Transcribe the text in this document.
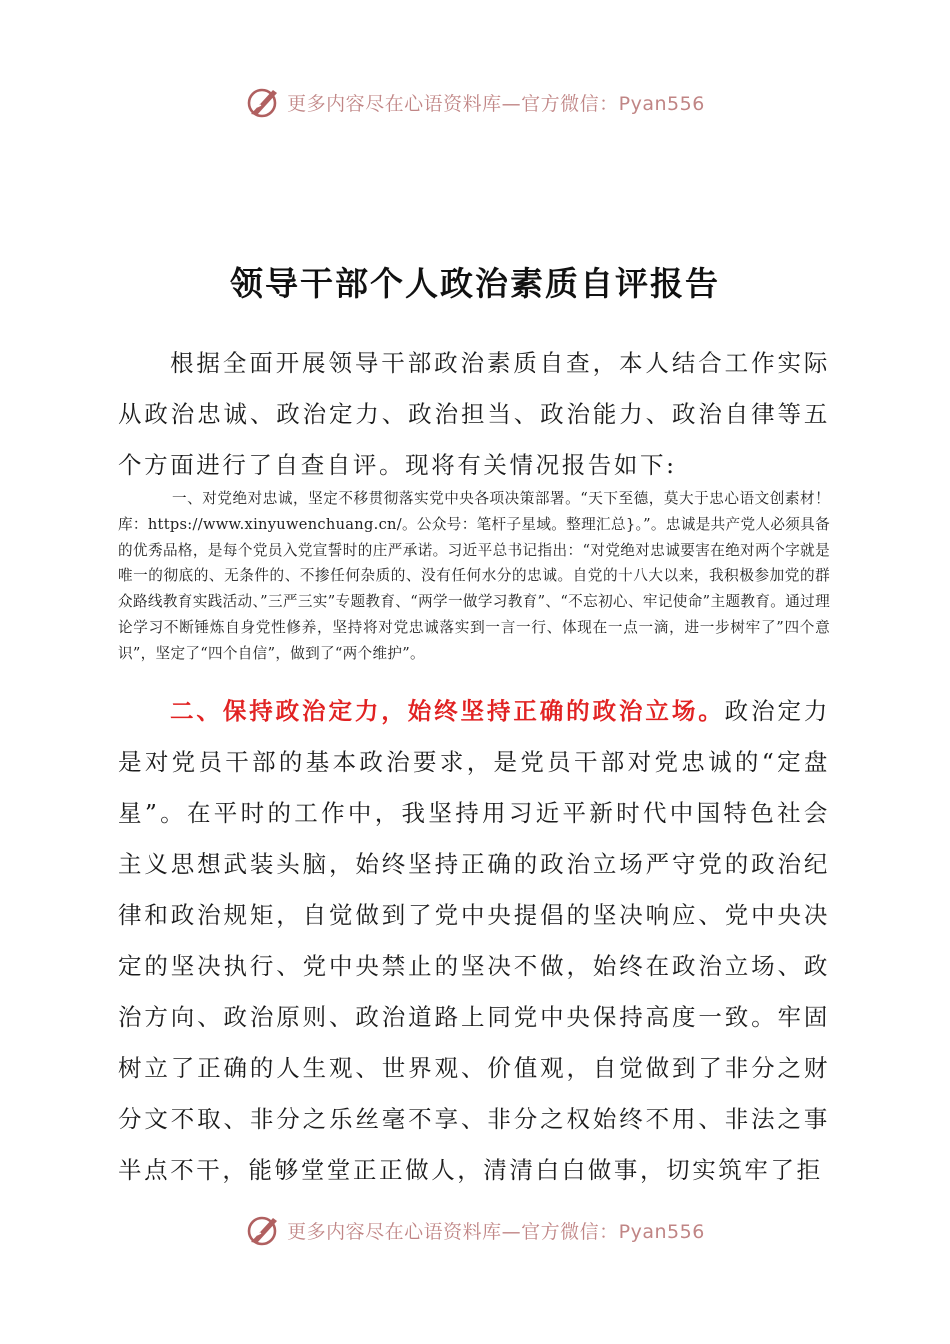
更多内容尽在心语资料库—官方微信：Pyan556
领导干部个人政治素质自评报告

根据全面开展领导干部政治素质自查，本人结合工作实际从政治忠诚、政治定力、政治担当、政治能力、政治自律等五个方面进行了自查自评。现将有关情况报告如下:

一、对党绝对忠诚，坚定不移贯彻落实党中央各项决策部署。“天下至德，莫大于忠心语文创素材！库：https://www.xinyuwenchuang.cn/。公众号：笔杆子星域。整理汇总}。”。忠诚是共产党人必须具备的优秀品格，是每个党员入党宣誓时的庄严承诺。习近平总书记指出：“对党绝对忠诚要害在绝对两个字就是唯一的彻底的、无条件的、不掺任何杂质的、没有任何水分的忠诚。自党的十八大以来，我积极参加党的群众路线教育实践活动、”三严三实”专题教育、“两学一做学习教育”、“不忘初心、牢记使命”主题教育。通过理论学习不断锤炼自身党性修养，坚持将对党忠诚落实到一言一行、体现在一点一滴，进一步树牢了”四个意识”，坚定了“四个自信”，做到了“两个维护”。

二、保持政治定力，始终坚持正确的政治立场。政治定力是对党员干部的基本政治要求，是党员干部对党忠诚的“定盘星”。在平时的工作中，我坚持用习近平新时代中国特色社会主义思想武装头脑，始终坚持正确的政治立场严守党的政治纪律和政治规矩，自觉做到了党中央提倡的坚决响应、党中央决定的坚决执行、党中央禁止的坚决不做，始终在政治立场、政治方向、政治原则、政治道路上同党中央保持高度一致。牢固树立了正确的人生观、世界观、价值观，自觉做到了非分之财分文不取、非分之乐丝毫不享、非分之权始终不用、非法之事半点不干，能够堂堂正正做人，清清白白做事，切实筑牢了拒

更多内容尽在心语资料库—官方微信：Pyan556
